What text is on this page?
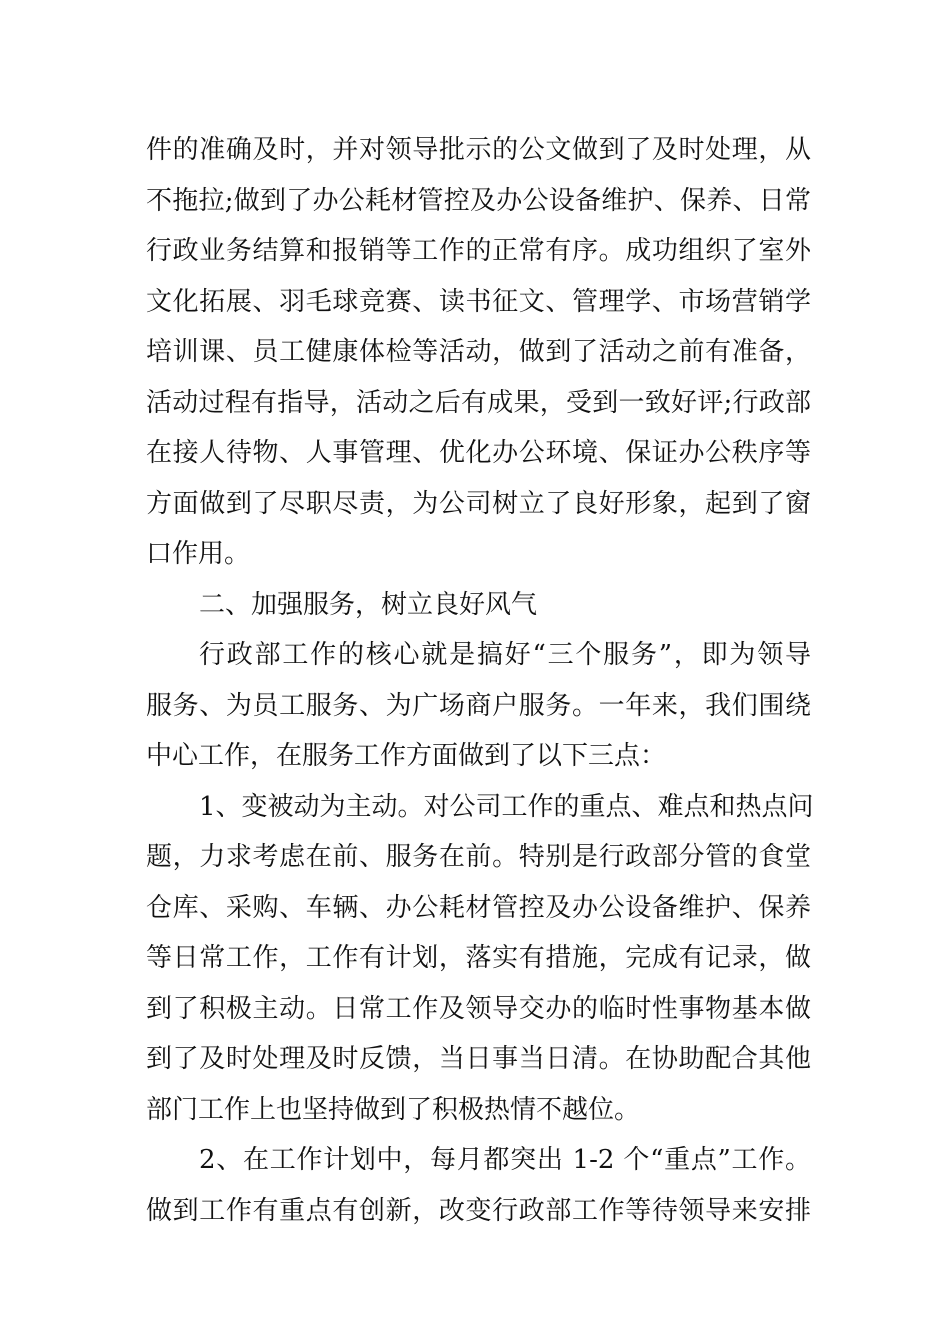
件的准确及时，并对领导批示的公文做到了及时处理，从
不拖拉;做到了办公耗材管控及办公设备维护、保养、日常
行政业务结算和报销等工作的正常有序。成功组织了室外
文化拓展、羽毛球竞赛、读书征文、管理学、市场营销学
培训课、员工健康体检等活动，做到了活动之前有准备，
活动过程有指导，活动之后有成果，受到一致好评;行政部
在接人待物、人事管理、优化办公环境、保证办公秩序等
方面做到了尽职尽责，为公司树立了良好形象，起到了窗
口作用。
二、加强服务，树立良好风气
行政部工作的核心就是搞好“三个服务”，即为领导
服务、为员工服务、为广场商户服务。一年来，我们围绕
中心工作，在服务工作方面做到了以下三点：
1、变被动为主动。对公司工作的重点、难点和热点问
题，力求考虑在前、服务在前。特别是行政部分管的食堂
仓库、采购、车辆、办公耗材管控及办公设备维护、保养
等日常工作，工作有计划，落实有措施，完成有记录，做
到了积极主动。日常工作及领导交办的临时性事物基本做
到了及时处理及时反馈，当日事当日清。在协助配合其他
部门工作上也坚持做到了积极热情不越位。
2、在工作计划中，每月都突出 1-2 个“重点”工作。
做到工作有重点有创新，改变行政部工作等待领导来安排
